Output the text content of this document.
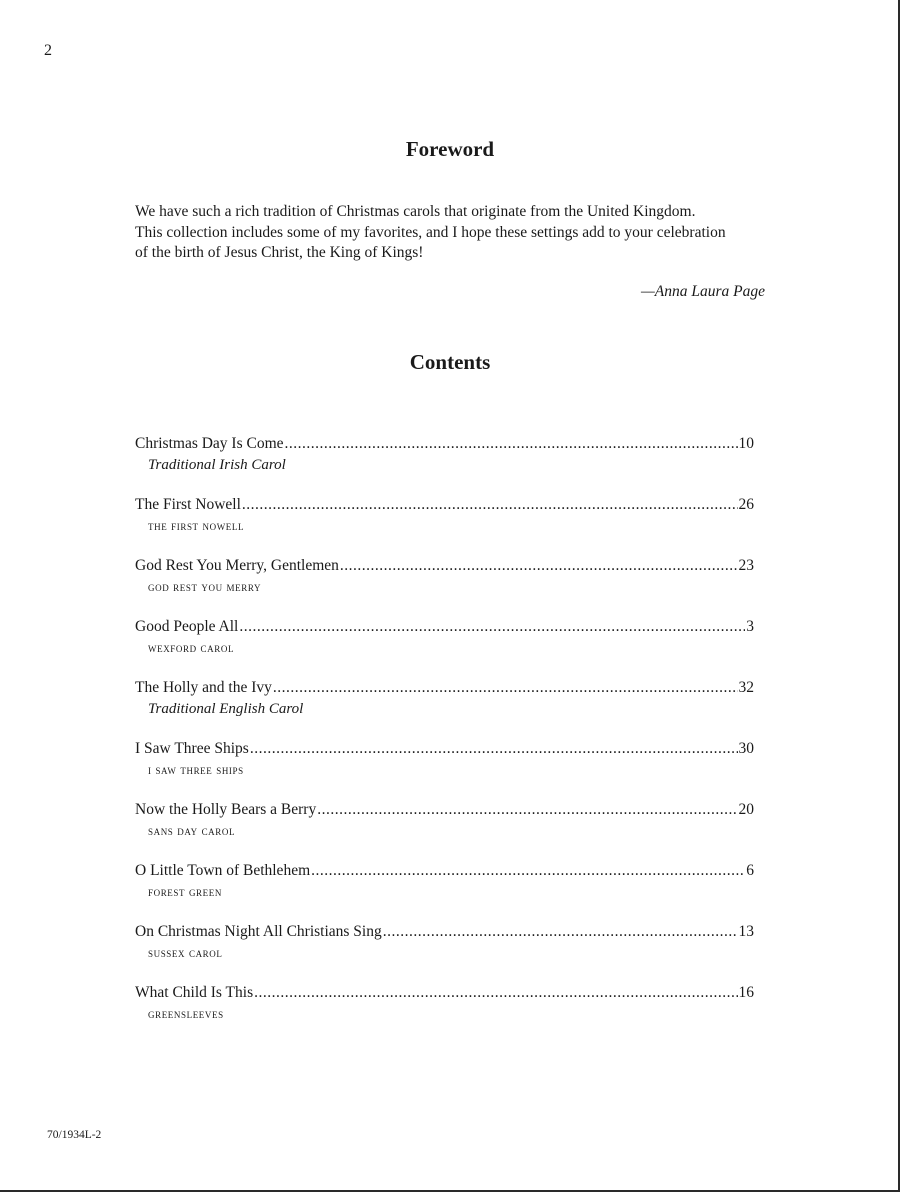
2
Foreword
We have such a rich tradition of Christmas carols that originate from the United Kingdom.
This collection includes some of my favorites, and I hope these settings add to your celebration
of the birth of Jesus Christ, the King of Kings!
—Anna Laura Page
Contents
Christmas Day Is Come .....	10
Traditional Irish Carol
The First Nowell .....	26
the first nowell
God Rest You Merry, Gentlemen .....	23
god rest you merry
Good People All .....	3
wexford carol
The Holly and the Ivy .....	32
Traditional English Carol
I Saw Three Ships .....	30
i saw three ships
Now the Holly Bears a Berry .....	20
sans day carol
O Little Town of Bethlehem .....	6
forest green
On Christmas Night All Christians Sing .....	13
sussex carol
What Child Is This .....	16
greensleeves
70/1934L-2
